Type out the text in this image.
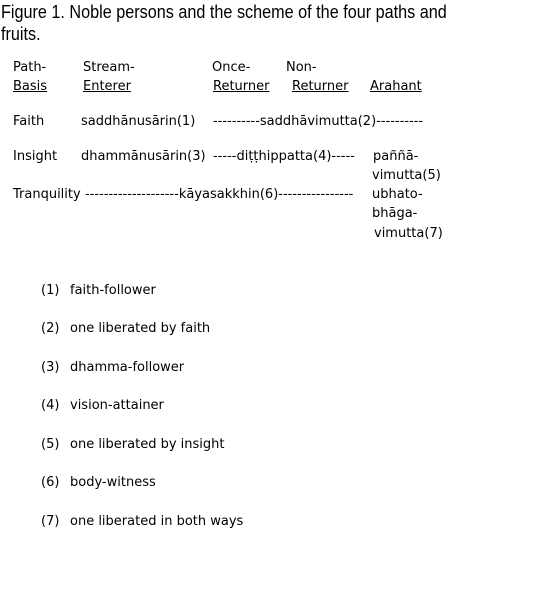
Figure 1. Noble persons and the scheme of the four paths and fruits.
Path-
Basis
Stream-
Enterer
Once-
Returner
Non-
Returner Arahant
Faith	saddhānusārin(1) ----------saddhāvimutta(2)----------
Insight dhammānusārin(3) -----diṭṭhippatta(4)----- paññā-
vimutta(5)
Tranquility --------------------kāyasakkhin(6)---------------- ubhato-
bhāga-
vimutta(7)
(1) faith-follower
(2) one liberated by faith
(3) dhamma-follower
(4) vision-attainer
(5) one liberated by insight
(6) body-witness
(7) one liberated in both ways
